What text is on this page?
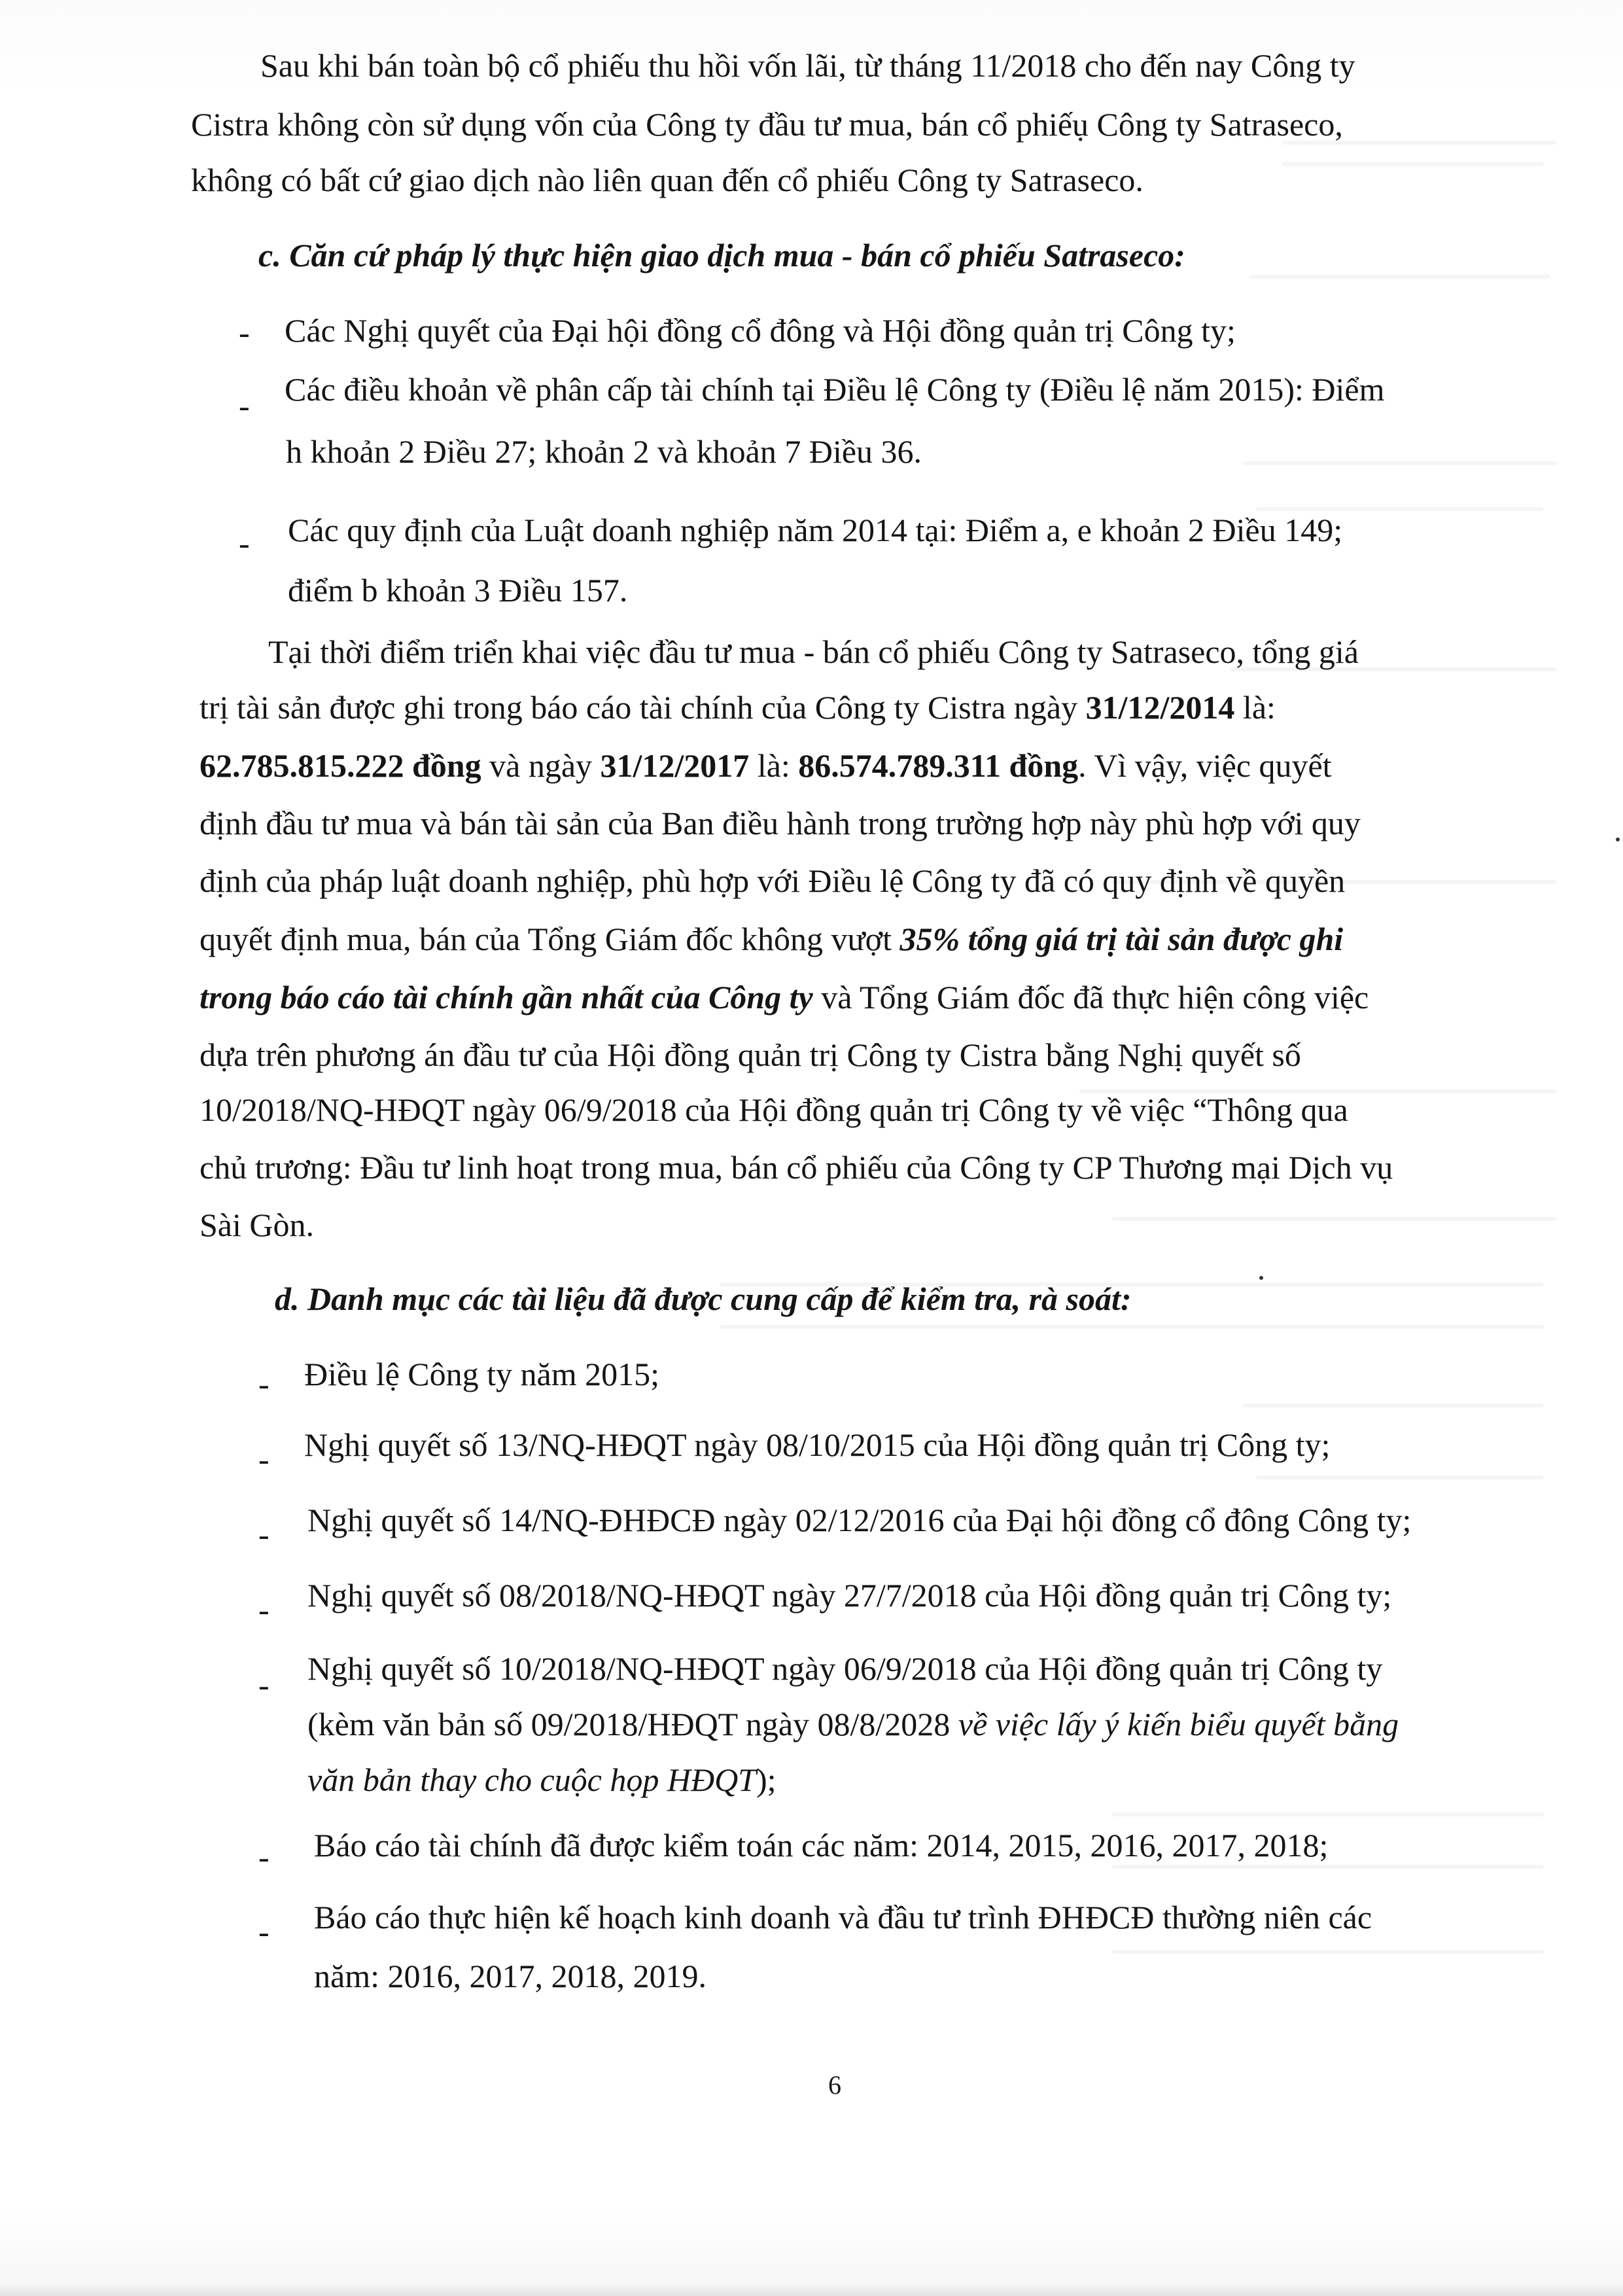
Sau khi bán toàn bộ cổ phiếu thu hồi vốn lãi, từ tháng 11/2018 cho đến nay Công ty
Cistra không còn sử dụng vốn của Công ty đầu tư mua, bán cổ phiếụ Công ty Satraseco,
không có bất cứ giao dịch nào liên quan đến cổ phiếu Công ty Satraseco.
c. Căn cứ pháp lý thực hiện giao dịch mua - bán cổ phiếu Satraseco:
- Các Nghị quyết của Đại hội đồng cổ đông và Hội đồng quản trị Công ty;
- Các điều khoản về phân cấp tài chính tại Điều lệ Công ty (Điều lệ năm 2015): Điểm
h khoản 2 Điều 27; khoản 2 và khoản 7 Điều 36.
- Các quy định của Luật doanh nghiệp năm 2014 tại: Điểm a, e khoản 2 Điều 149;
điểm b khoản 3 Điều 157.
Tại thời điểm triển khai việc đầu tư mua - bán cổ phiếu Công ty Satraseco, tổng giá
trị tài sản được ghi trong báo cáo tài chính của Công ty Cistra ngày 31/12/2014 là:
62.785.815.222 đồng và ngày 31/12/2017 là: 86.574.789.311 đồng. Vì vậy, việc quyết
định đầu tư mua và bán tài sản của Ban điều hành trong trường hợp này phù hợp với quy
định của pháp luật doanh nghiệp, phù hợp với Điều lệ Công ty đã có quy định về quyền
quyết định mua, bán của Tổng Giám đốc không vượt 35% tổng giá trị tài sản được ghi
trong báo cáo tài chính gần nhất của Công ty và Tổng Giám đốc đã thực hiện công việc
dựa trên phương án đầu tư của Hội đồng quản trị Công ty Cistra bằng Nghị quyết số
10/2018/NQ-HĐQT ngày 06/9/2018 của Hội đồng quản trị Công ty về việc “Thông qua
chủ trương: Đầu tư linh hoạt trong mua, bán cổ phiếu của Công ty CP Thương mại Dịch vụ
Sài Gòn.
d. Danh mục các tài liệu đã được cung cấp để kiểm tra, rà soát:
- Điều lệ Công ty năm 2015;
- Nghị quyết số 13/NQ-HĐQT ngày 08/10/2015 của Hội đồng quản trị Công ty;
- Nghị quyết số 14/NQ-ĐHĐCĐ ngày 02/12/2016 của Đại hội đồng cổ đông Công ty;
- Nghị quyết số 08/2018/NQ-HĐQT ngày 27/7/2018 của Hội đồng quản trị Công ty;
- Nghị quyết số 10/2018/NQ-HĐQT ngày 06/9/2018 của Hội đồng quản trị Công ty
(kèm văn bản số 09/2018/HĐQT ngày 08/8/2028 về việc lấy ý kiến biểu quyết bằng
văn bản thay cho cuộc họp HĐQT);
- Báo cáo tài chính đã được kiểm toán các năm: 2014, 2015, 2016, 2017, 2018;
- Báo cáo thực hiện kế hoạch kinh doanh và đầu tư trình ĐHĐCĐ thường niên các
năm: 2016, 2017, 2018, 2019.
6
